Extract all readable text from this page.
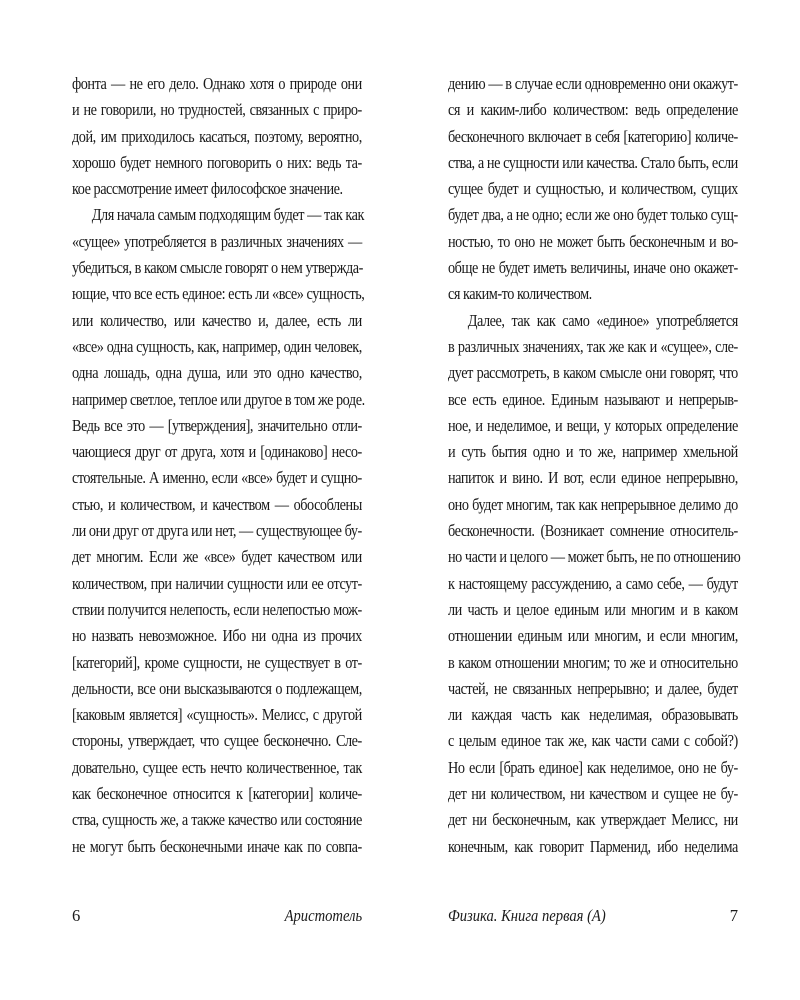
фонта — не его дело. Однако хотя о природе они
и не говорили, но трудностей, связанных с приро-
дой, им приходилось касаться, поэтому, вероятно,
хорошо будет немного поговорить о них: ведь та-
кое рассмотрение имеет философское значение.
Для начала самым подходящим будет — так как
«сущее» употребляется в различных значениях —
убедиться, в каком смысле говорят о нем утвержда-
ющие, что все есть единое: есть ли «все» сущность,
или количество, или качество и, далее, есть ли
«все» одна сущность, как, например, один человек,
одна лошадь, одна душа, или это одно качество,
например светлое, теплое или другое в том же роде.
Ведь все это — [утверждения], значительно отли-
чающиеся друг от друга, хотя и [одинаково] несо-
стоятельные. А именно, если «все» будет и сущно-
стью, и количеством, и качеством — обособлены
ли они друг от друга или нет, — существующее бу-
дет многим. Если же «все» будет качеством или
количеством, при наличии сущности или ее отсут-
ствии получится нелепость, если нелепостью мож-
но назвать невозможное. Ибо ни одна из прочих
[категорий], кроме сущности, не существует в от-
дельности, все они высказываются о подлежащем,
[каковым является] «сущность». Мелисс, с другой
стороны, утверждает, что сущее бесконечно. Сле-
довательно, сущее есть нечто количественное, так
как бесконечное относится к [категории] количе-
ства, сущность же, а также качество или состояние
не могут быть бесконечными иначе как по совпа-
6	Аристотель
дению — в случае если одновременно они окажут-
ся и каким-либо количеством: ведь определение
бесконечного включает в себя [категорию] количе-
ства, а не сущности или качества. Стало быть, если
сущее будет и сущностью, и количеством, сущих
будет два, а не одно; если же оно будет только сущ-
ностью, то оно не может быть бесконечным и во-
обще не будет иметь величины, иначе оно окажет-
ся каким-то количеством.
Далее, так как само «единое» употребляется
в различных значениях, так же как и «сущее», сле-
дует рассмотреть, в каком смысле они говорят, что
все есть единое. Единым называют и непрерыв-
ное, и неделимое, и вещи, у которых определение
и суть бытия одно и то же, например хмельной
напиток и вино. И вот, если единое непрерывно,
оно будет многим, так как непрерывное делимо до
бесконечности. (Возникает сомнение относитель-
но части и целого — может быть, не по отношению
к настоящему рассуждению, а само себе, — будут
ли часть и целое единым или многим и в каком
отношении единым или многим, и если многим,
в каком отношении многим; то же и относительно
частей, не связанных непрерывно; и далее, будет
ли каждая часть как неделимая, образовывать
с целым единое так же, как части сами с собой?)
Но если [брать единое] как неделимое, оно не бу-
дет ни количеством, ни качеством и сущее не бу-
дет ни бесконечным, как утверждает Мелисс, ни
конечным, как говорит Парменид, ибо неделима
Физика. Книга первая (А)	7
